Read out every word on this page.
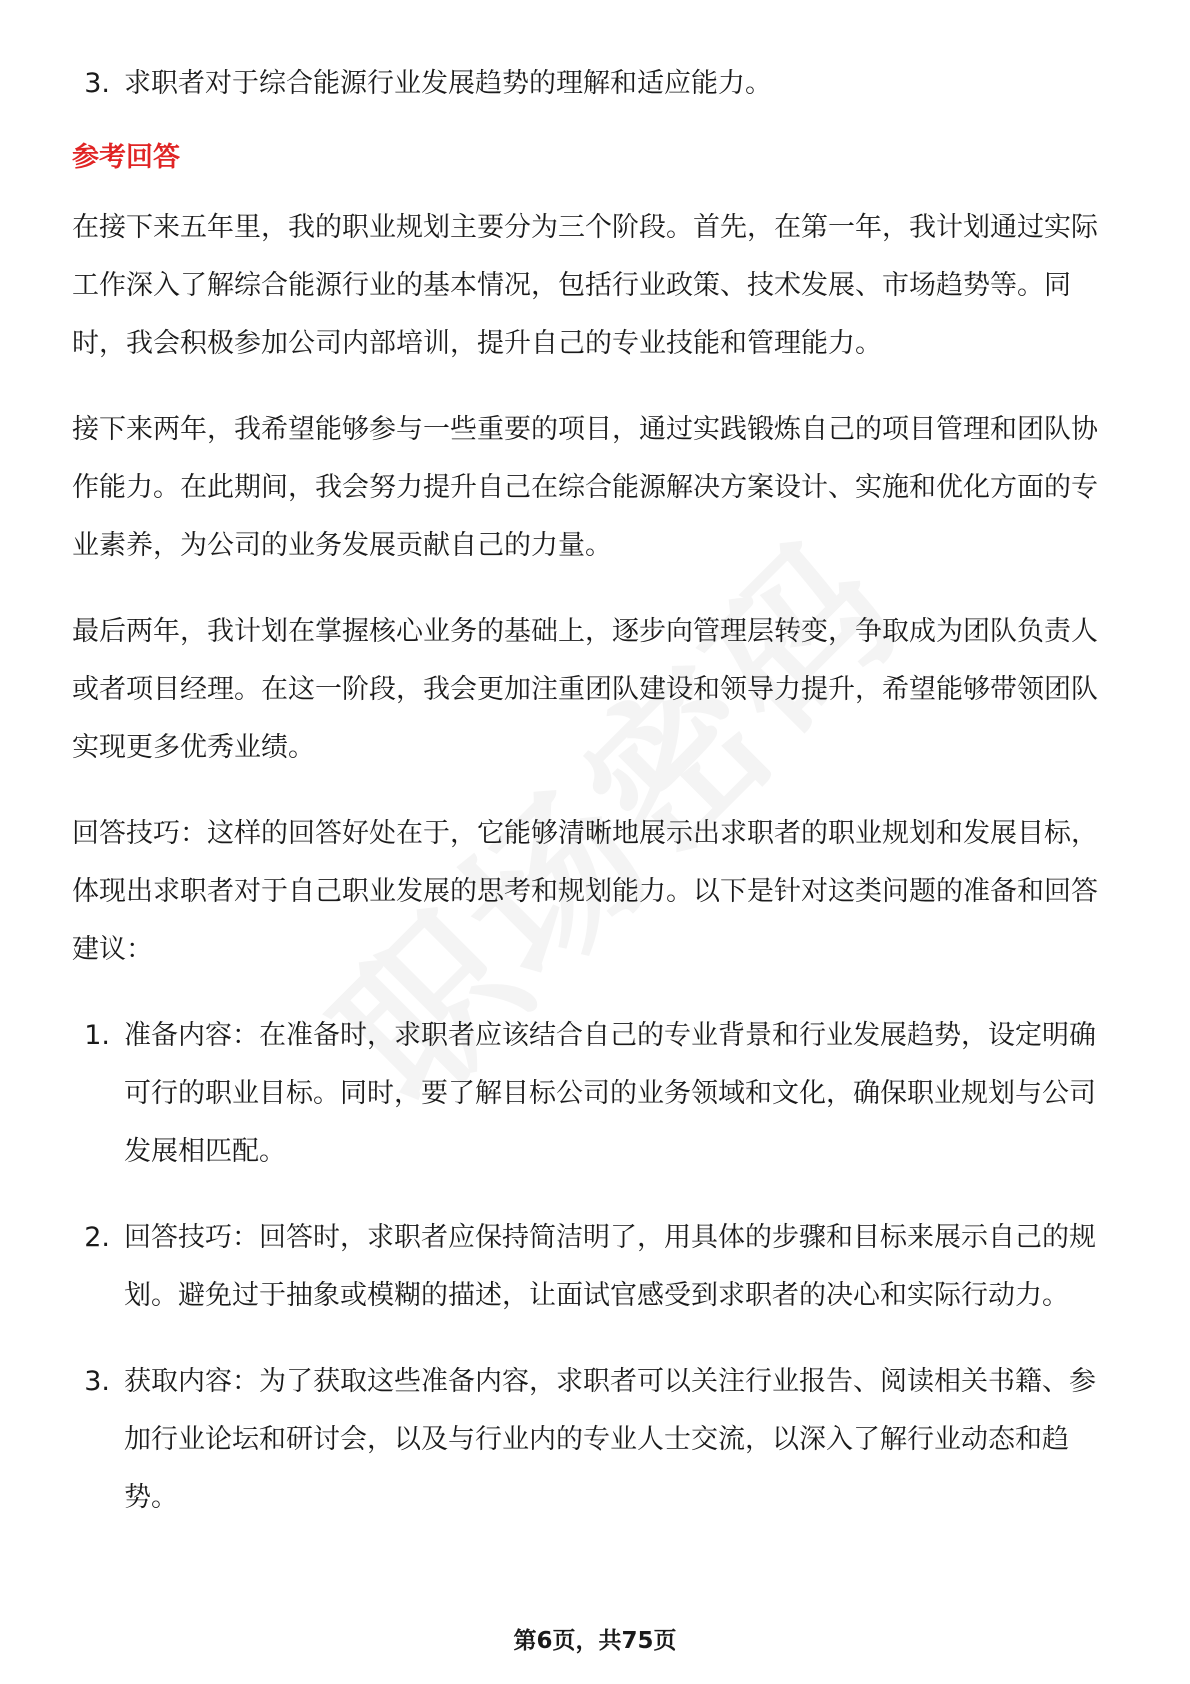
3. 求职者对于综合能源行业发展趋势的理解和适应能力。
参考回答

在接下来五年里，我的职业规划主要分为三个阶段。首先，在第一年，我计划通过实际工作深入了解综合能源行业的基本情况，包括行业政策、技术发展、市场趋势等。同时，我会积极参加公司内部培训，提升自己的专业技能和管理能力。

接下来两年，我希望能够参与一些重要的项目，通过实践锻炼自己的项目管理和团队协作能力。在此期间，我会努力提升自己在综合能源解决方案设计、实施和优化方面的专业素养，为公司的业务发展贡献自己的力量。

最后两年，我计划在掌握核心业务的基础上，逐步向管理层转变，争取成为团队负责人或者项目经理。在这一阶段，我会更加注重团队建设和领导力提升，希望能够带领团队实现更多优秀业绩。

回答技巧：这样的回答好处在于，它能够清晰地展示出求职者的职业规划和发展目标，体现出求职者对于自己职业发展的思考和规划能力。以下是针对这类问题的准备和回答建议：

1. 准备内容：在准备时，求职者应该结合自己的专业背景和行业发展趋势，设定明确可行的职业目标。同时，要了解目标公司的业务领域和文化，确保职业规划与公司发展相匹配。
2. 回答技巧：回答时，求职者应保持简洁明了，用具体的步骤和目标来展示自己的规划。避免过于抽象或模糊的描述，让面试官感受到求职者的决心和实际行动力。
3. 获取内容：为了获取这些准备内容，求职者可以关注行业报告、阅读相关书籍、参加行业论坛和研讨会，以及与行业内的专业人士交流，以深入了解行业动态和趋势。
第6页，共75页
